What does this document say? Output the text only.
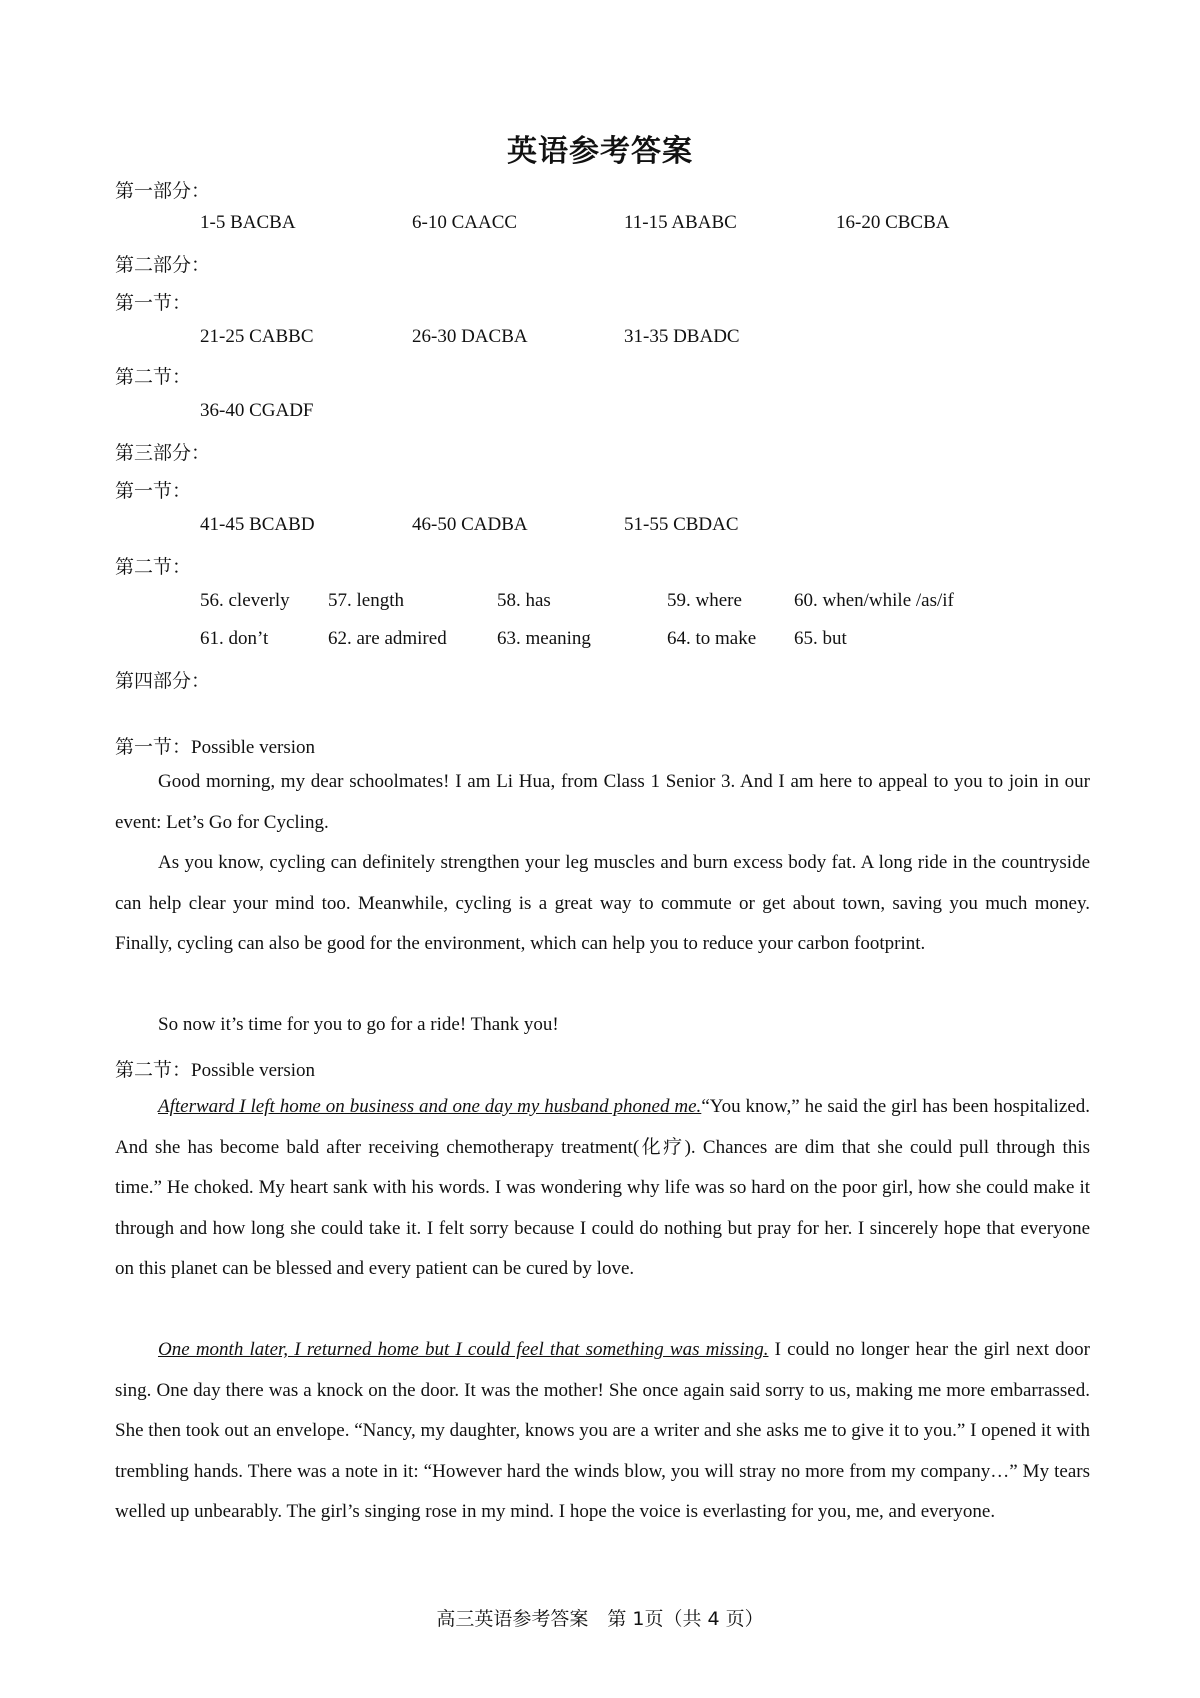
英语参考答案
第一部分：
1-5 BACBA	6-10 CAACC	11-15 ABABC	16-20 CBCBA
第二部分：
第一节：
21-25 CABBC	26-30 DACBA	31-35 DBADC
第二节：
36-40 CGADF
第三部分：
第一节：
41-45 BCABD	46-50 CADBA	51-55 CBDAC
第二节：
56. cleverly 57. length	58. has	59. where	60. when/while /as/if
61. don’t	62. are admired	63. meaning	64. to make 65. but
第四部分：
第一节：Possible version
Good morning, my dear schoolmates! I am Li Hua, from Class 1 Senior 3. And I am here to appeal to you to join in our event: Let’s Go for Cycling.
As you know, cycling can definitely strengthen your leg muscles and burn excess body fat. A long ride in the countryside can help clear your mind too. Meanwhile, cycling is a great way to commute or get about town, saving you much money. Finally, cycling can also be good for the environment, which can help you to reduce your carbon footprint.
So now it’s time for you to go for a ride! Thank you!
第二节：Possible version
Afterward I left home on business and one day my husband phoned me.“You know,” he said the girl has been hospitalized. And she has become bald after receiving chemotherapy treatment(化疗). Chances are dim that she could pull through this time.” He choked. My heart sank with his words. I was wondering why life was so hard on the poor girl, how she could make it through and how long she could take it. I felt sorry because I could do nothing but pray for her. I sincerely hope that everyone on this planet can be blessed and every patient can be cured by love.
One month later, I returned home but I could feel that something was missing. I could no longer hear the girl next door sing. One day there was a knock on the door. It was the mother! She once again said sorry to us, making me more embarrassed. She then took out an envelope. “Nancy, my daughter, knows you are a writer and she asks me to give it to you.” I opened it with trembling hands. There was a note in it: “However hard the winds blow, you will stray no more from my company…” My tears welled up unbearably. The girl’s singing rose in my mind. I hope the voice is everlasting for you, me, and everyone.
高三英语参考答案　第 1页（共 4 页）
